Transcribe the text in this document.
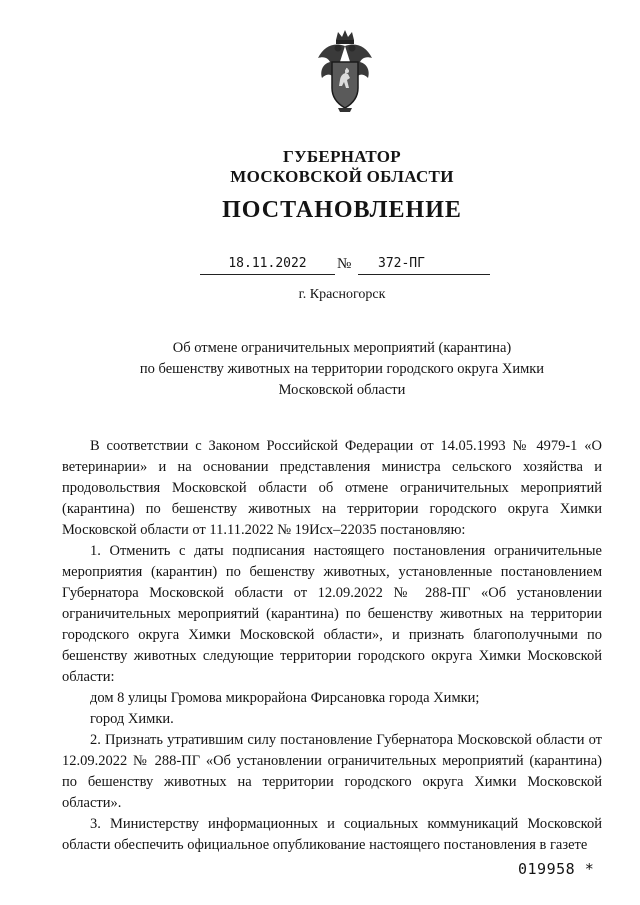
ГУБЕРНАТОР
МОСКОВСКОЙ ОБЛАСТИ
ПОСТАНОВЛЕНИЕ
18.11.2022	№	372-ПГ
г. Красногорск
Об отмене ограничительных мероприятий (карантина)
по бешенству животных на территории городского округа Химки
Московской области

В соответствии с Законом Российской Федерации от 14.05.1993 № 4979-1 «О ветеринарии» и на основании представления министра сельского хозяйства и продовольствия Московской области об отмене ограничительных мероприятий (карантина) по бешенству животных на территории городского округа Химки Московской области от 11.11.2022 № 19Исх–22035 постановляю:

1. Отменить с даты подписания настоящего постановления ограничительные мероприятия (карантин) по бешенству животных, установленные постановлением Губернатора Московской области от 12.09.2022 № 288-ПГ «Об установлении ограничительных мероприятий (карантина) по бешенству животных на территории городского округа Химки Московской области», и признать благополучными по бешенству животных следующие территории городского округа Химки Московской области:

дом 8 улицы Громова микрорайона Фирсановка города Химки;

город Химки.

2. Признать утратившим силу постановление Губернатора Московской области от 12.09.2022 № 288-ПГ «Об установлении ограничительных мероприятий (карантина) по бешенству животных на территории городского округа Химки Московской области».

3. Министерству информационных и социальных коммуникаций Московской области обеспечить официальное опубликование настоящего постановления в газете

019958 *
